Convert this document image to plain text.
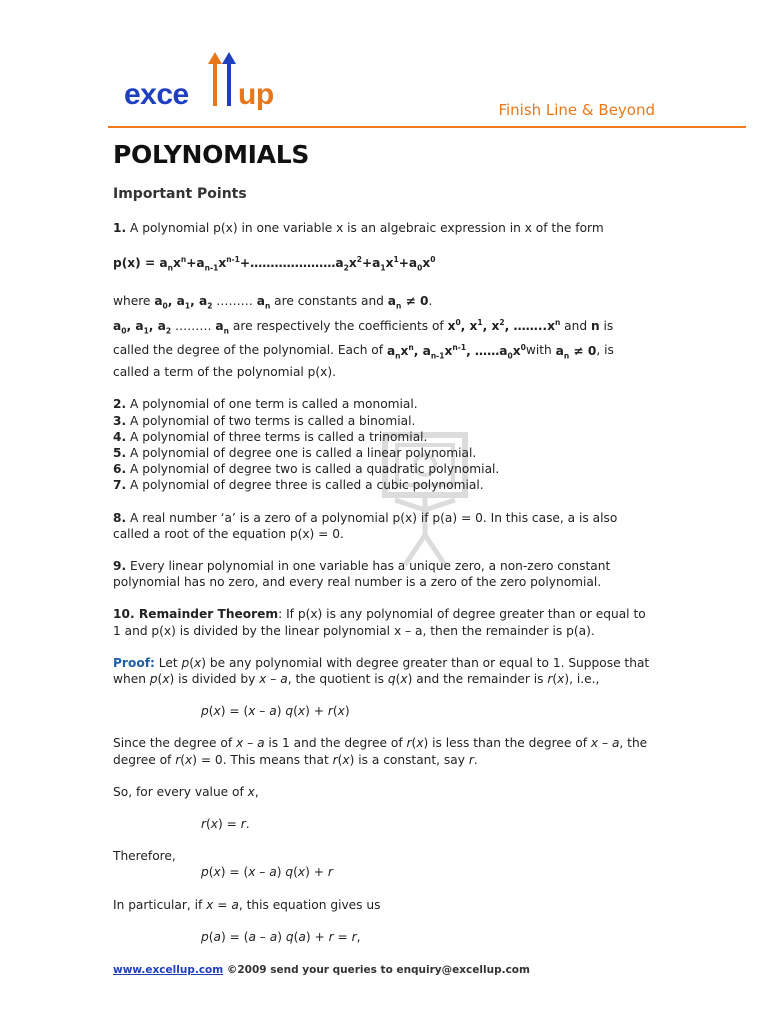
exce up	Finish Line & Beyond
POLYNOMIALS

Important Points

1. A polynomial p(x) in one variable x is an algebraic expression in x of the form

$p(x) = a_nx^n+a_{n-1}x^{n-1}+\dots\dots\dots\dots\dots\dots\dots a_2x^2+a_1x^1+a_0x^0$

where $a_0$, $a_1$, $a_2$ ……… $a_n$ are constants and $a_n \ne 0$.
$a_0$, $a_1$, $a_2$ ……… $a_n$ are respectively the coefficients of $x^0$, $x^1$, $x^2$, $\dots\dots..x^n$ and n is called the degree of the polynomial. Each of $a_nx^n$, $a_{n-1}x^{n-1}$, $\dots\dots a_0x^0with$ $a_n \ne 0$, is called a term of the polynomial p(x).

2. A polynomial of one term is called a monomial.
3. A polynomial of two terms is called a binomial.
4. A polynomial of three terms is called a trinomial.
5. A polynomial of degree one is called a linear polynomial.
6. A polynomial of degree two is called a quadratic polynomial.
7. A polynomial of degree three is called a cubic polynomial.

8. A real number ‘a’ is a zero of a polynomial p(x) if p(a) = 0. In this case, a is also called a root of the equation p(x) = 0.

9. Every linear polynomial in one variable has a unique zero, a non-zero constant polynomial has no zero, and every real number is a zero of the zero polynomial.

10. Remainder Theorem: If p(x) is any polynomial of degree greater than or equal to 1 and p(x) is divided by the linear polynomial x – a, then the remainder is p(a).

Proof: Let p(x) be any polynomial with degree greater than or equal to 1. Suppose that when p(x) is divided by x – a, the quotient is q(x) and the remainder is r(x), i.e.,

p(x) = (x – a) q(x) + r(x)

Since the degree of x – a is 1 and the degree of r(x) is less than the degree of x – a, the degree of r(x) = 0. This means that r(x) is a constant, say r.

So, for every value of x,

r(x) = r.

Therefore,

p(x) = (x – a) q(x) + r

In particular, if x = a, this equation gives us

p(a) = (a – a) q(a) + r = r,

www.excellup.com ©2009 send your queries to enquiry@excellup.com
